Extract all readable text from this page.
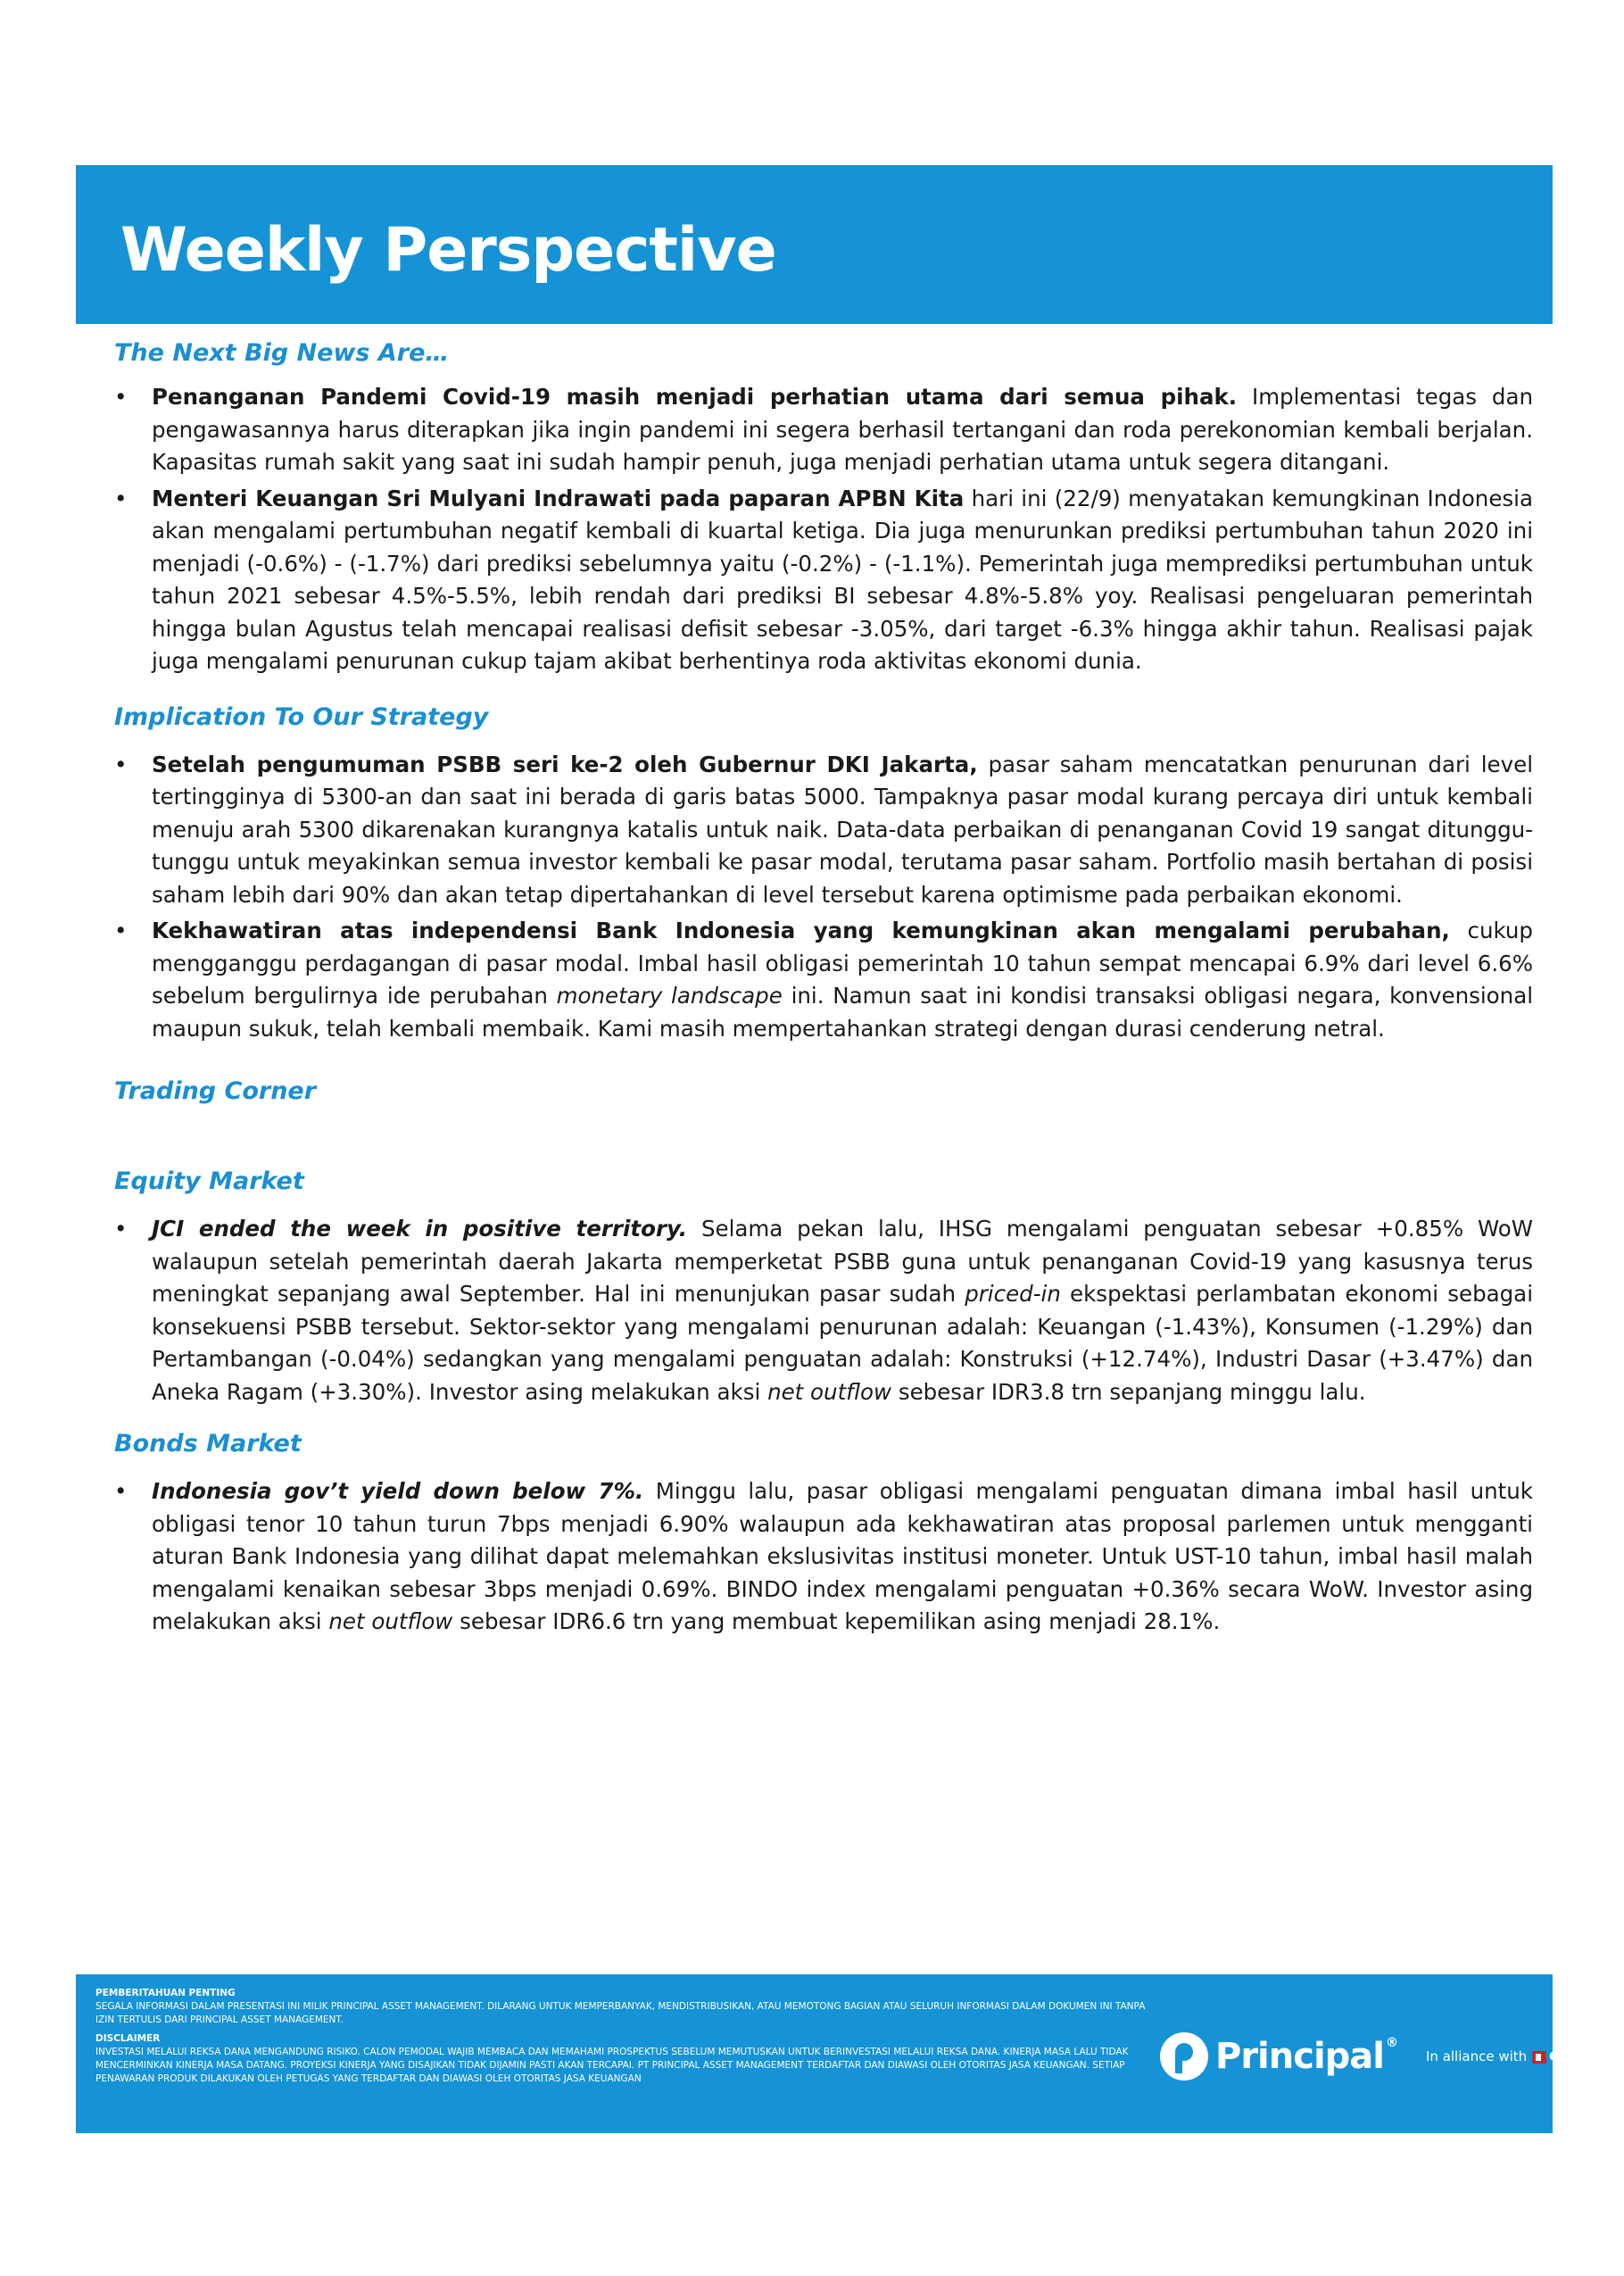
Weekly Perspective
The Next Big News Are…
• Penanganan Pandemi Covid-19 masih menjadi perhatian utama dari semua pihak. Implementasi tegas dan pengawasannya harus diterapkan jika ingin pandemi ini segera berhasil tertangani dan roda perekonomian kembali berjalan. Kapasitas rumah sakit yang saat ini sudah hampir penuh, juga menjadi perhatian utama untuk segera ditangani.
• Menteri Keuangan Sri Mulyani Indrawati pada paparan APBN Kita hari ini (22/9) menyatakan kemungkinan Indonesia akan mengalami pertumbuhan negatif kembali di kuartal ketiga. Dia juga menurunkan prediksi pertumbuhan tahun 2020 ini menjadi (-0.6%) - (-1.7%) dari prediksi sebelumnya yaitu (-0.2%) - (-1.1%). Pemerintah juga memprediksi pertumbuhan untuk tahun 2021 sebesar 4.5%-5.5%, lebih rendah dari prediksi BI sebesar 4.8%-5.8% yoy. Realisasi pengeluaran pemerintah hingga bulan Agustus telah mencapai realisasi defisit sebesar -3.05%, dari target -6.3% hingga akhir tahun. Realisasi pajak juga mengalami penurunan cukup tajam akibat berhentinya roda aktivitas ekonomi dunia.
Implication To Our Strategy
• Setelah pengumuman PSBB seri ke-2 oleh Gubernur DKI Jakarta, pasar saham mencatatkan penurunan dari level tertingginya di 5300-an dan saat ini berada di garis batas 5000. Tampaknya pasar modal kurang percaya diri untuk kembali menuju arah 5300 dikarenakan kurangnya katalis untuk naik. Data-data perbaikan di penanganan Covid 19 sangat ditunggu-tunggu untuk meyakinkan semua investor kembali ke pasar modal, terutama pasar saham. Portfolio masih bertahan di posisi saham lebih dari 90% dan akan tetap dipertahankan di level tersebut karena optimisme pada perbaikan ekonomi.
• Kekhawatiran atas independensi Bank Indonesia yang kemungkinan akan mengalami perubahan, cukup mengganggu perdagangan di pasar modal. Imbal hasil obligasi pemerintah 10 tahun sempat mencapai 6.9% dari level 6.6% sebelum bergulirnya ide perubahan monetary landscape ini. Namun saat ini kondisi transaksi obligasi negara, konvensional maupun sukuk, telah kembali membaik. Kami masih mempertahankan strategi dengan durasi cenderung netral.
Trading Corner
Equity Market
• JCI ended the week in positive territory. Selama pekan lalu, IHSG mengalami penguatan sebesar +0.85% WoW walaupun setelah pemerintah daerah Jakarta memperketat PSBB guna untuk penanganan Covid-19 yang kasusnya terus meningkat sepanjang awal September. Hal ini menunjukan pasar sudah priced-in ekspektasi perlambatan ekonomi sebagai konsekuensi PSBB tersebut. Sektor-sektor yang mengalami penurunan adalah: Keuangan (-1.43%), Konsumen (-1.29%) dan Pertambangan (-0.04%) sedangkan yang mengalami penguatan adalah: Konstruksi (+12.74%), Industri Dasar (+3.47%) dan Aneka Ragam (+3.30%). Investor asing melakukan aksi net outflow sebesar IDR3.8 trn sepanjang minggu lalu.
Bonds Market
• Indonesia gov’t yield down below 7%. Minggu lalu, pasar obligasi mengalami penguatan dimana imbal hasil untuk obligasi tenor 10 tahun turun 7bps menjadi 6.90% walaupun ada kekhawatiran atas proposal parlemen untuk mengganti aturan Bank Indonesia yang dilihat dapat melemahkan ekslusivitas institusi moneter. Untuk UST-10 tahun, imbal hasil malah mengalami kenaikan sebesar 3bps menjadi 0.69%. BINDO index mengalami penguatan +0.36% secara WoW. Investor asing melakukan aksi net outflow sebesar IDR6.6 trn yang membuat kepemilikan asing menjadi 28.1%.

PEMBERITAHUAN PENTING

SEGALA INFORMASI DALAM PRESENTASI INI MILIK PRINCIPAL ASSET MANAGEMENT. DILARANG UNTUK MEMPERBANYAK, MENDISTRIBUSIKAN, ATAU MEMOTONG BAGIAN ATAU SELURUH INFORMASI DALAM DOKUMEN INI TANPA IZIN TERTULIS DARI PRINCIPAL ASSET MANAGEMENT.

DISCLAIMER

INVESTASI MELALUI REKSA DANA MENGANDUNG RISIKO. CALON PEMODAL WAJIB MEMBACA DAN MEMAHAMI PROSPEKTUS SEBELUM MEMUTUSKAN UNTUK BERINVESTASI MELALUI REKSA DANA. KINERJA MASA LALU TIDAK MENCERMINKAN KINERJA MASA DATANG. PROYEKSI KINERJA YANG DISAJIKAN TIDAK DIJAMIN PASTI AKAN TERCAPAI. PT PRINCIPAL ASSET MANAGEMENT TERDAFTAR DAN DIAWASI OLEH OTORITAS JASA KEUANGAN. SETIAP PENAWARAN PRODUK DILAKUKAN OLEH PETUGAS YANG TERDAFTAR DAN DIAWASI OLEH OTORITAS JASA KEUANGAN

Principal ®
In alliance with CIMB
